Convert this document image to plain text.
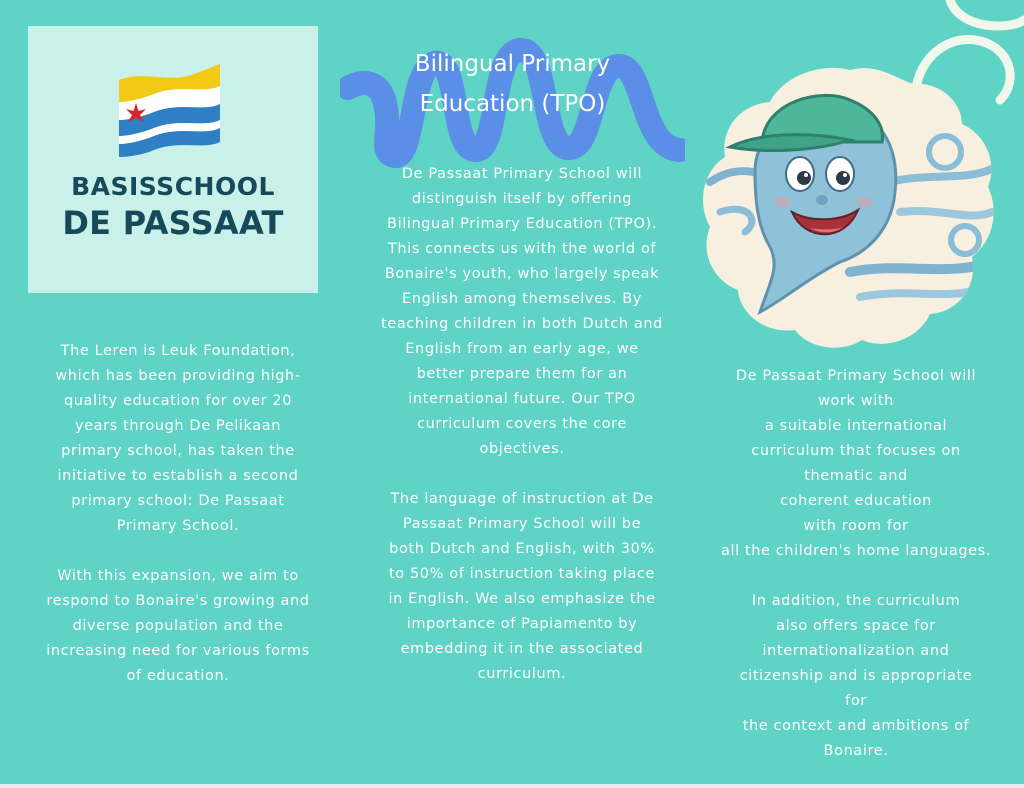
BASISSCHOOL
DE PASSAAT
Bilingual Primary
Education (TPO)

The Leren is Leuk Foundation,

which has been providing high-

quality education for over 20

years through De Pelikaan

primary school, has taken the

initiative to establish a second

primary school: De Passaat

Primary School.

With this expansion, we aim to

respond to Bonaire's growing and

diverse population and the

increasing need for various forms

of education.

De Passaat Primary School will

distinguish itself by offering

Bilingual Primary Education (TPO).

This connects us with the world of

Bonaire's youth, who largely speak

English among themselves. By

teaching children in both Dutch and

English from an early age, we

better prepare them for an

international future. Our TPO

curriculum covers the core

objectives.

The language of instruction at De

Passaat Primary School will be

both Dutch and English, with 30%

to 50% of instruction taking place

in English. We also emphasize the

importance of Papiamento by

embedding it in the associated

curriculum.

De Passaat Primary School will

work with

a suitable international

curriculum that focuses on

thematic and

coherent education

with room for

all the children's home languages.

In addition, the curriculum

also offers space for

internationalization and

citizenship and is appropriate

for

the context and ambitions of

Bonaire.
